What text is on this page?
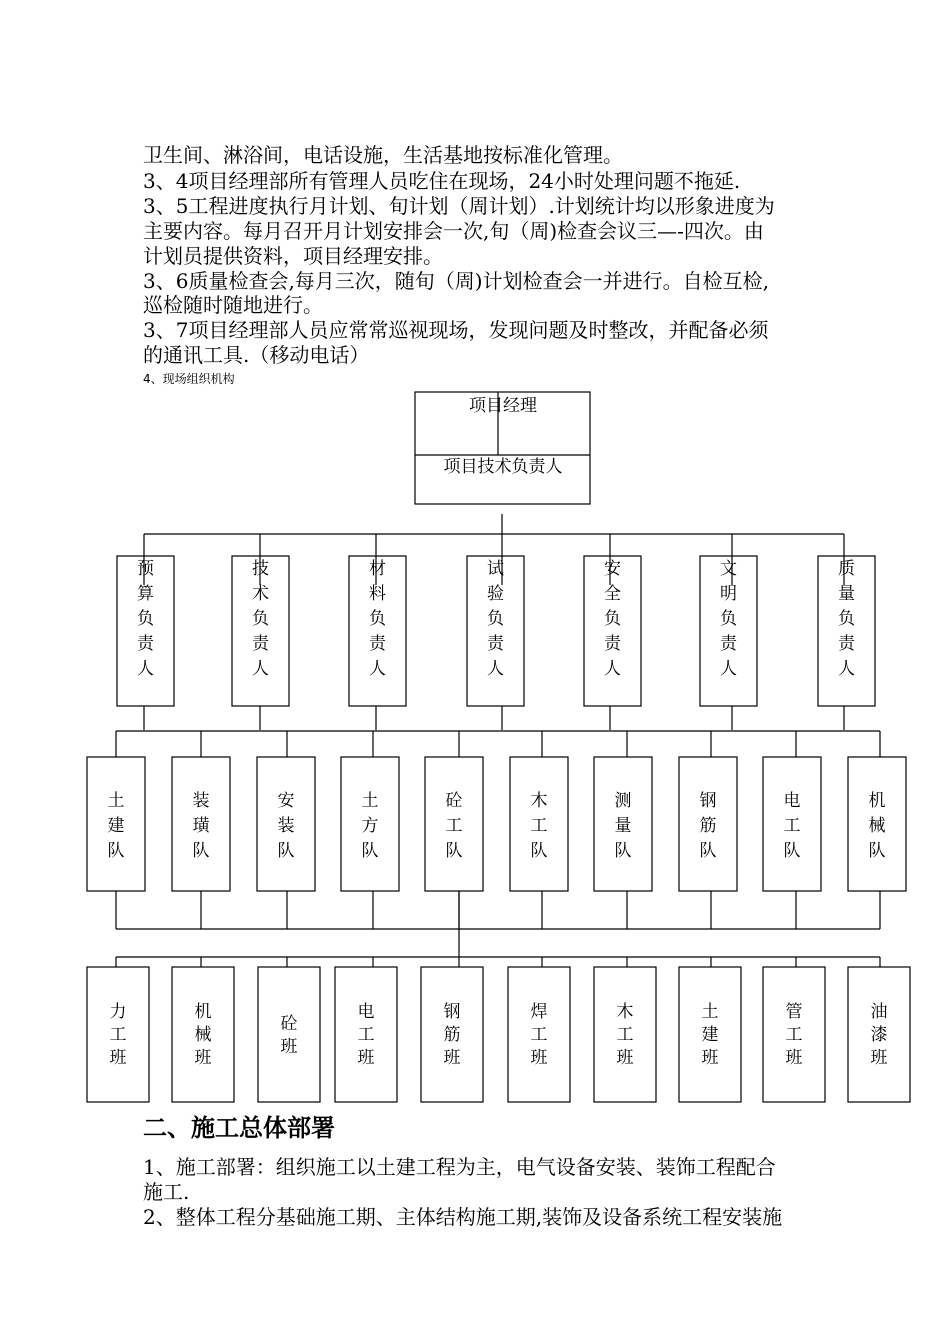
卫生间、淋浴间，电话设施，生活基地按标准化管理。
3、4项目经理部所有管理人员吃住在现场，24小时处理问题不拖延.
3、5工程进度执行月计划、旬计划（周计划）.计划统计均以形象进度为
主要内容。每月召开月计划安排会一次,旬（周)检查会议三—-四次。由
计划员提供资料，项目经理安排。
3、6质量检查会,每月三次，随旬（周)计划检查会一并进行。自检互检,
巡检随时随地进行。
3、7项目经理部人员应常常巡视现场，发现问题及时整改，并配备必须
的通讯工具.（移动电话）
4、现场组织机构
项目经理
项目技术负责人
预
算
负
责
人
技
术
负
责
人
材
料
负
责
人
试
验
负
责
人
安
全
负
责
人
文
明
负
责
人
质
量
负
责
人
土
建
队
装
璜
队
安
装
队
土
方
队
砼
工
队
木
工
队
测
量
队
钢
筋
队
电
工
队
机
械
队
力
工
班
机
械
班
砼
班
电
工
班
钢
筋
班
焊
工
班
木
工
班
土
建
班
管
工
班
油
漆
班
二、施工总体部署
1、施工部署：组织施工以土建工程为主，电气设备安装、装饰工程配合
施工.
2、整体工程分基础施工期、主体结构施工期,装饰及设备系统工程安装施
